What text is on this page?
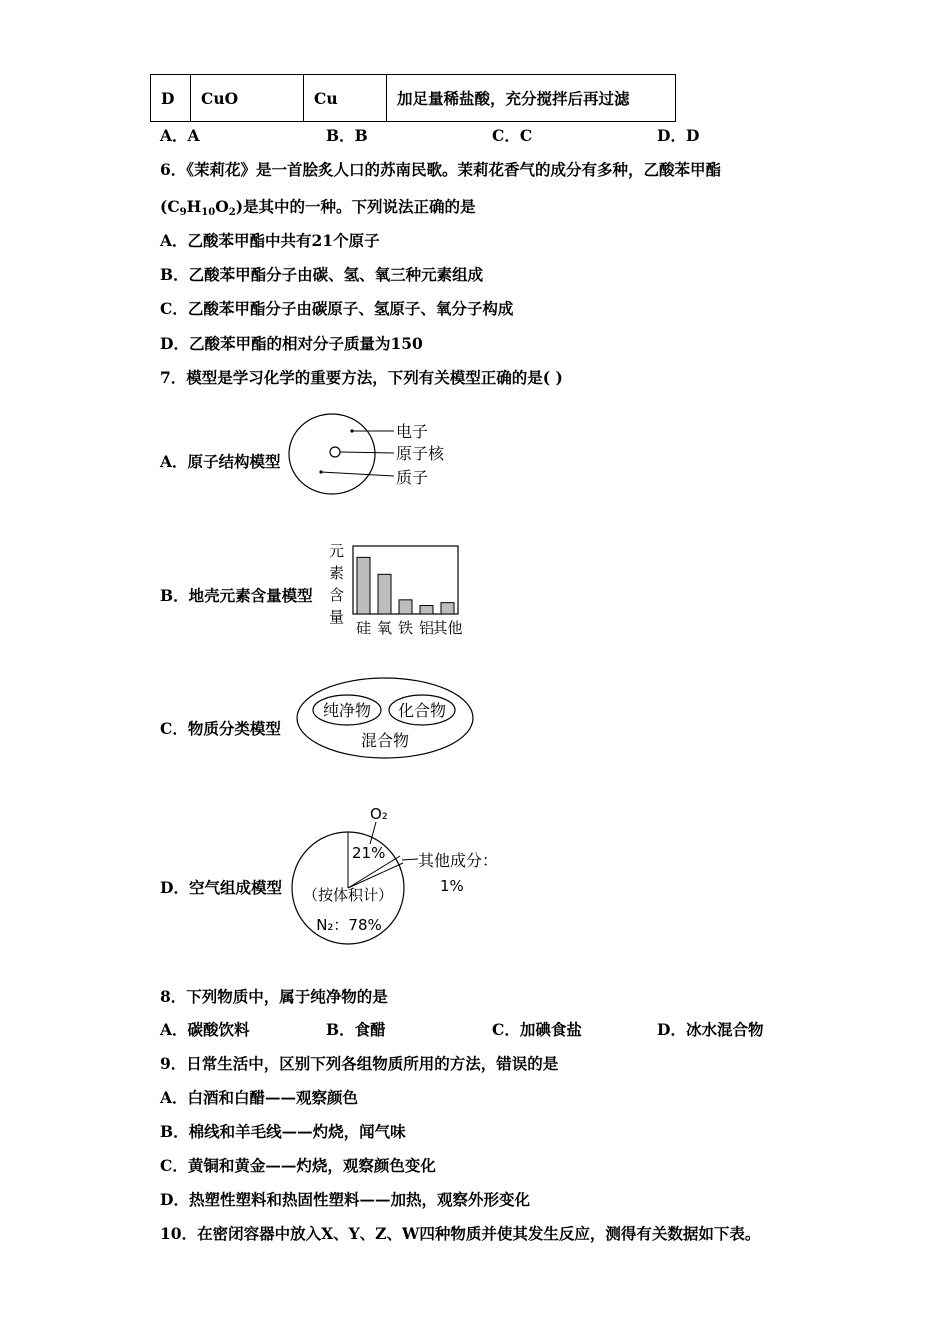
D	CuO	Cu	加足量稀盐酸，充分搅拌后再过滤
A．A	B．B	C．C	D．D
6．《茉莉花》是一首脍炙人口的苏南民歌。茉莉花香气的成分有多种，乙酸苯甲酯
$(C_9H_{10}O_2)$是其中的一种。下列说法正确的是
A．乙酸苯甲酯中共有21个原子
B．乙酸苯甲酯分子由碳、氢、氧三种元素组成
C．乙酸苯甲酯分子由碳原子、氢原子、氧分子构成
D．乙酸苯甲酯的相对分子质量为150
7．模型是学习化学的重要方法，下列有关模型正确的是( )
A．原子结构模型
电子
原子核
质子
B．地壳元素含量模型
元
素
含
量
硅 氧 铁 铝
其他
C．物质分类模型
纯净物 化合物
混合物
D．空气组成模型
O₂
21% 其他成分：
1%
（按体积计）
N₂：78%
8．下列物质中，属于纯净物的是
A．碳酸饮料	B．食醋	C．加碘食盐	D．冰水混合物
9．日常生活中，区别下列各组物质所用的方法，错误的是
A．白酒和白醋——观察颜色
B．棉线和羊毛线——灼烧，闻气味
C．黄铜和黄金——灼烧，观察颜色变化
D．热塑性塑料和热固性塑料——加热，观察外形变化
10．在密闭容器中放入X、Y、Z、W四种物质并使其发生反应，测得有关数据如下表。
